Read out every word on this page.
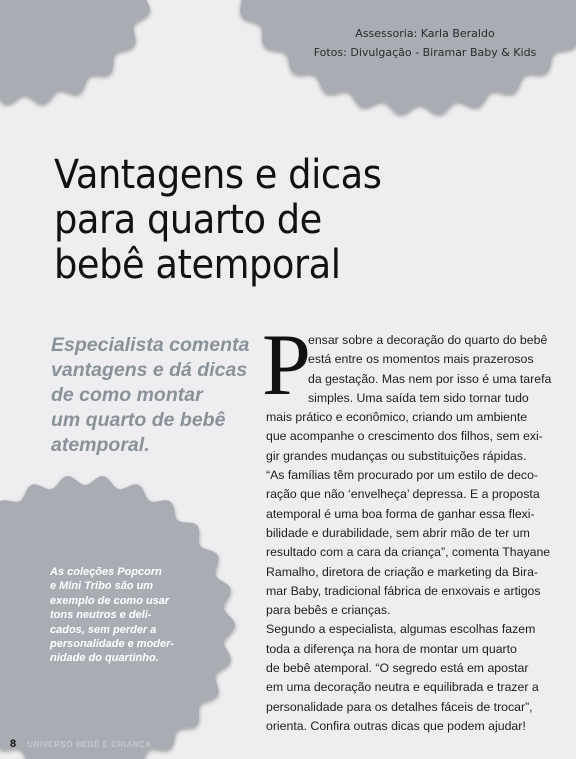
Assessoria: Karla Beraldo
Fotos: Divulgação - Biramar Baby & Kids
Vantagens e dicas
para quarto de
bebê atemporal
Especialista comenta
vantagens e dá dicas
de como montar
um quarto de bebê
atemporal.
P
ensar sobre a decoração do quarto do bebê
está entre os momentos mais prazerosos
da gestação. Mas nem por isso é uma tarefa
simples. Uma saída tem sido tornar tudo
mais prático e econômico, criando um ambiente
que acompanhe o crescimento dos filhos, sem exi-
gir grandes mudanças ou substituições rápidas.
“As famílias têm procurado por um estilo de deco-
ração que não ‘envelheça’ depressa. E a proposta
atemporal é uma boa forma de ganhar essa flexi-
bilidade e durabilidade, sem abrir mão de ter um
resultado com a cara da criança”, comenta Thayane
Ramalho, diretora de criação e marketing da Bira-
mar Baby, tradicional fábrica de enxovais e artigos
para bebês e crianças.
Segundo a especialista, algumas escolhas fazem
toda a diferença na hora de montar um quarto
de bebê atemporal. “O segredo está em apostar
em uma decoração neutra e equilibrada e trazer a
personalidade para os detalhes fáceis de trocar”,
orienta. Confira outras dicas que podem ajudar!
As coleções Popcorn
e Mini Tribo são um
exemplo de como usar
tons neutros e deli-
cados, sem perder a
personalidade e moder-
nidade do quartinho.
8 UNIVERSO BEBÊ E CRIANÇA
